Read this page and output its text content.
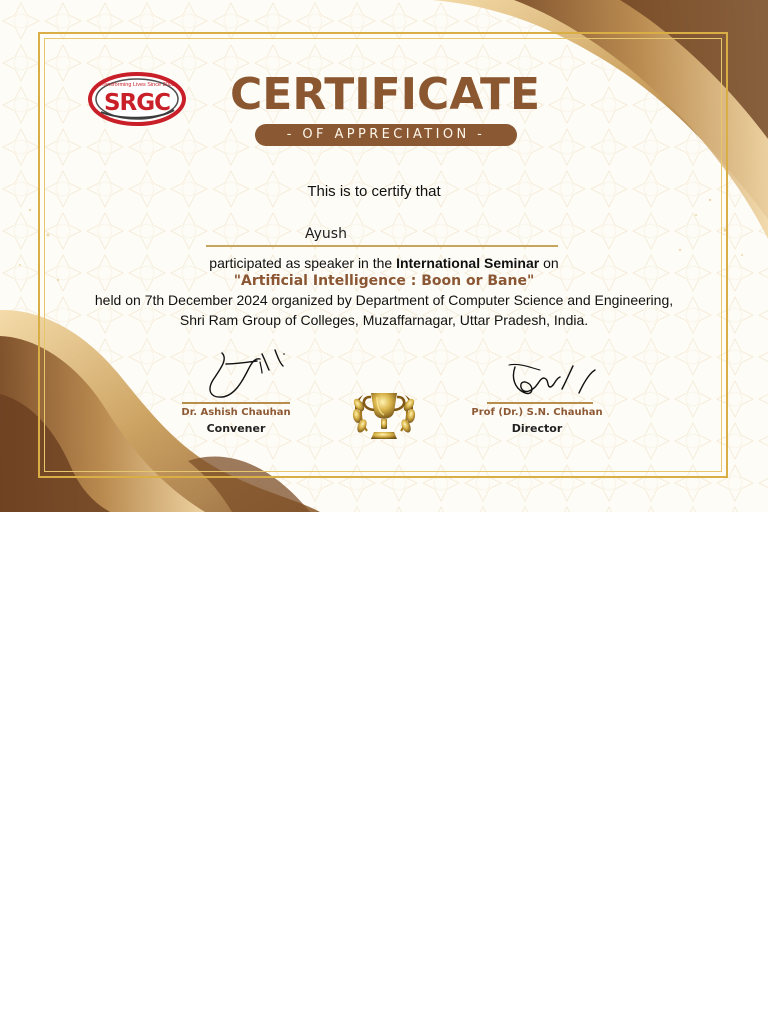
Transforming Lives Since 2003
SRGC	CERTIFICATE
- OF APPRECIATION -
This is to certify that
Ayush
participated as speaker in the International Seminar on
"Artificial Intelligence : Boon or Bane"
held on 7th December 2024 organized by Department of Computer Science and Engineering,
Shri Ram Group of Colleges, Muzaffarnagar, Uttar Pradesh, India.
Dr. Ashish Chauhan
Convener
Prof (Dr.) S.N. Chauhan
Director
